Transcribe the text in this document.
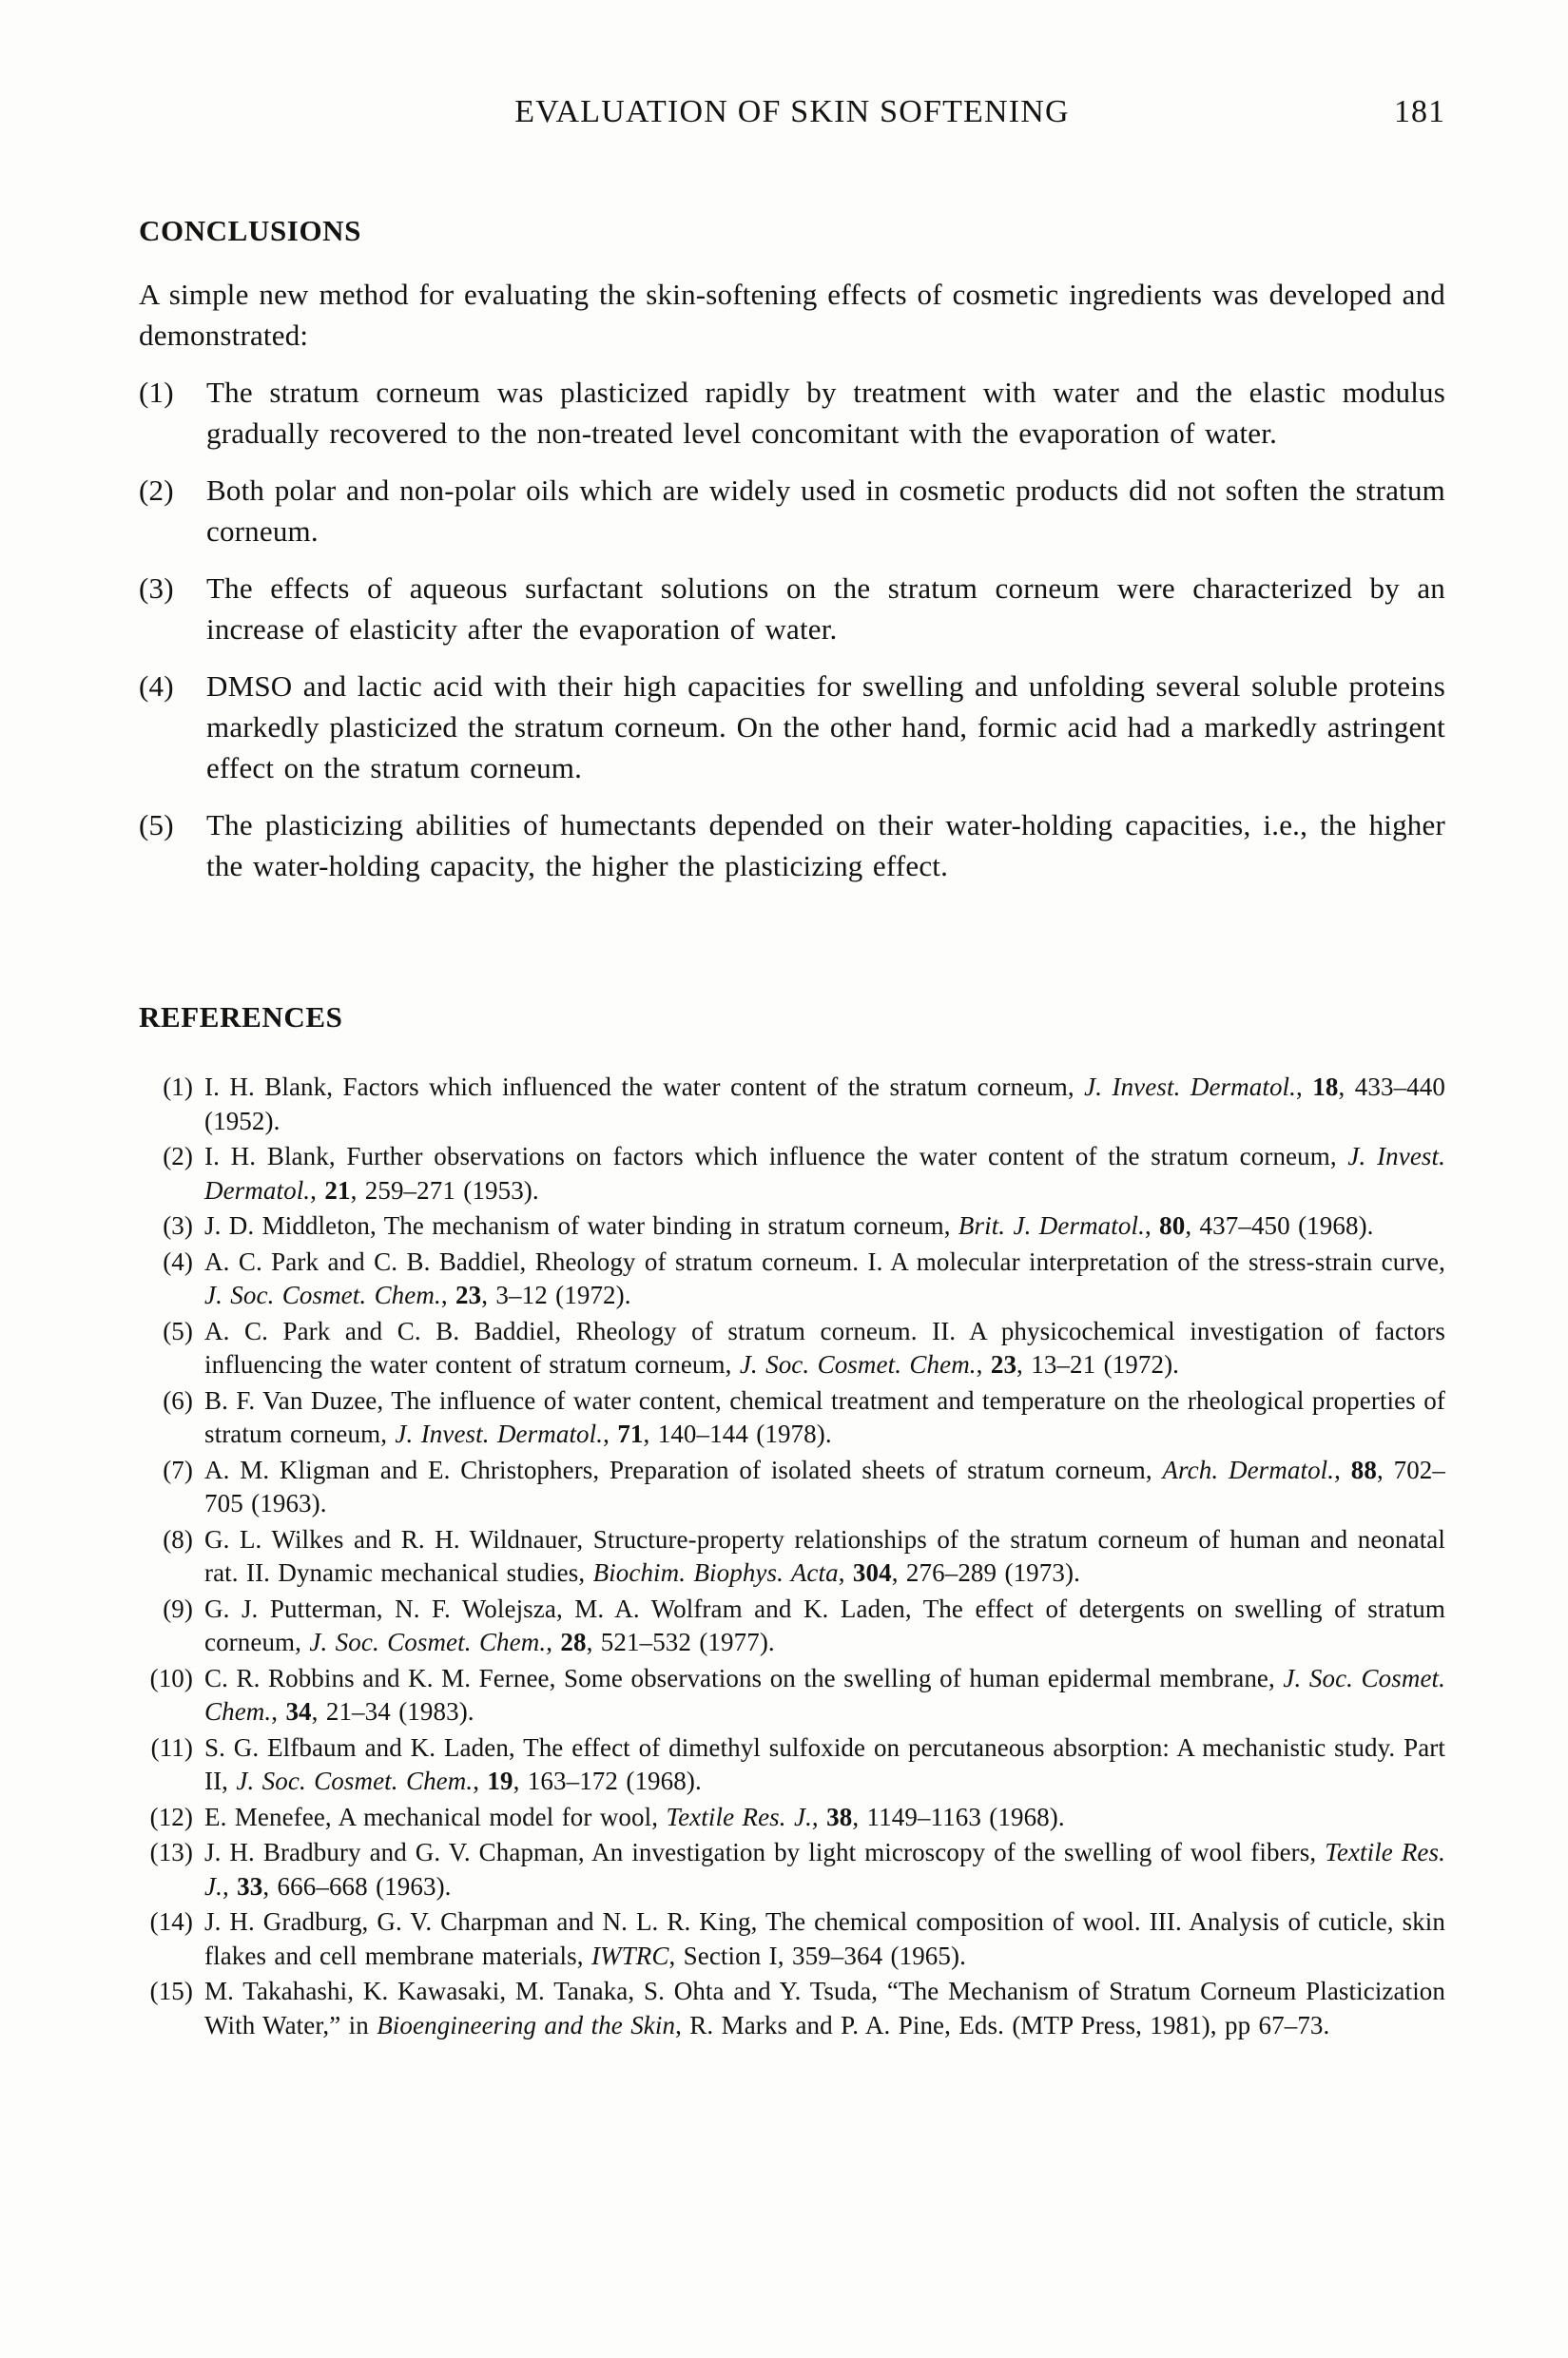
EVALUATION OF SKIN SOFTENING	181
CONCLUSIONS

A simple new method for evaluating the skin-softening effects of cosmetic ingredients was developed and demonstrated:

(1)	The stratum corneum was plasticized rapidly by treatment with water and the elastic modulus gradually recovered to the non-treated level concomitant with the evaporation of water.
(2)	Both polar and non-polar oils which are widely used in cosmetic products did not soften the stratum corneum.
(3)	The effects of aqueous surfactant solutions on the stratum corneum were characterized by an increase of elasticity after the evaporation of water.
(4)	DMSO and lactic acid with their high capacities for swelling and unfolding several soluble proteins markedly plasticized the stratum corneum. On the other hand, formic acid had a markedly astringent effect on the stratum corneum.
(5)	The plasticizing abilities of humectants depended on their water-holding capacities, i.e., the higher the water-holding capacity, the higher the plasticizing effect.
REFERENCES
(1) I. H. Blank, Factors which influenced the water content of the stratum corneum, J. Invest. Dermatol., 18, 433–440 (1952).
(2) I. H. Blank, Further observations on factors which influence the water content of the stratum corneum, J. Invest. Dermatol., 21, 259–271 (1953).
(3) J. D. Middleton, The mechanism of water binding in stratum corneum, Brit. J. Dermatol., 80, 437–450 (1968).
(4) A. C. Park and C. B. Baddiel, Rheology of stratum corneum. I. A molecular interpretation of the stress-strain curve, J. Soc. Cosmet. Chem., 23, 3–12 (1972).
(5) A. C. Park and C. B. Baddiel, Rheology of stratum corneum. II. A physicochemical investigation of factors influencing the water content of stratum corneum, J. Soc. Cosmet. Chem., 23, 13–21 (1972).
(6) B. F. Van Duzee, The influence of water content, chemical treatment and temperature on the rheological properties of stratum corneum, J. Invest. Dermatol., 71, 140–144 (1978).
(7) A. M. Kligman and E. Christophers, Preparation of isolated sheets of stratum corneum, Arch. Dermatol., 88, 702–705 (1963).
(8) G. L. Wilkes and R. H. Wildnauer, Structure-property relationships of the stratum corneum of human and neonatal rat. II. Dynamic mechanical studies, Biochim. Biophys. Acta, 304, 276–289 (1973).
(9) G. J. Putterman, N. F. Wolejsza, M. A. Wolfram and K. Laden, The effect of detergents on swelling of stratum corneum, J. Soc. Cosmet. Chem., 28, 521–532 (1977).
(10) C. R. Robbins and K. M. Fernee, Some observations on the swelling of human epidermal membrane, J. Soc. Cosmet. Chem., 34, 21–34 (1983).
(11) S. G. Elfbaum and K. Laden, The effect of dimethyl sulfoxide on percutaneous absorption: A mechanistic study. Part II, J. Soc. Cosmet. Chem., 19, 163–172 (1968).
(12) E. Menefee, A mechanical model for wool, Textile Res. J., 38, 1149–1163 (1968).
(13) J. H. Bradbury and G. V. Chapman, An investigation by light microscopy of the swelling of wool fibers, Textile Res. J., 33, 666–668 (1963).
(14) J. H. Gradburg, G. V. Charpman and N. L. R. King, The chemical composition of wool. III. Analysis of cuticle, skin flakes and cell membrane materials, IWTRC, Section I, 359–364 (1965).
(15) M. Takahashi, K. Kawasaki, M. Tanaka, S. Ohta and Y. Tsuda, “The Mechanism of Stratum Corneum Plasticization With Water,” in Bioengineering and the Skin, R. Marks and P. A. Pine, Eds. (MTP Press, 1981), pp 67–73.
